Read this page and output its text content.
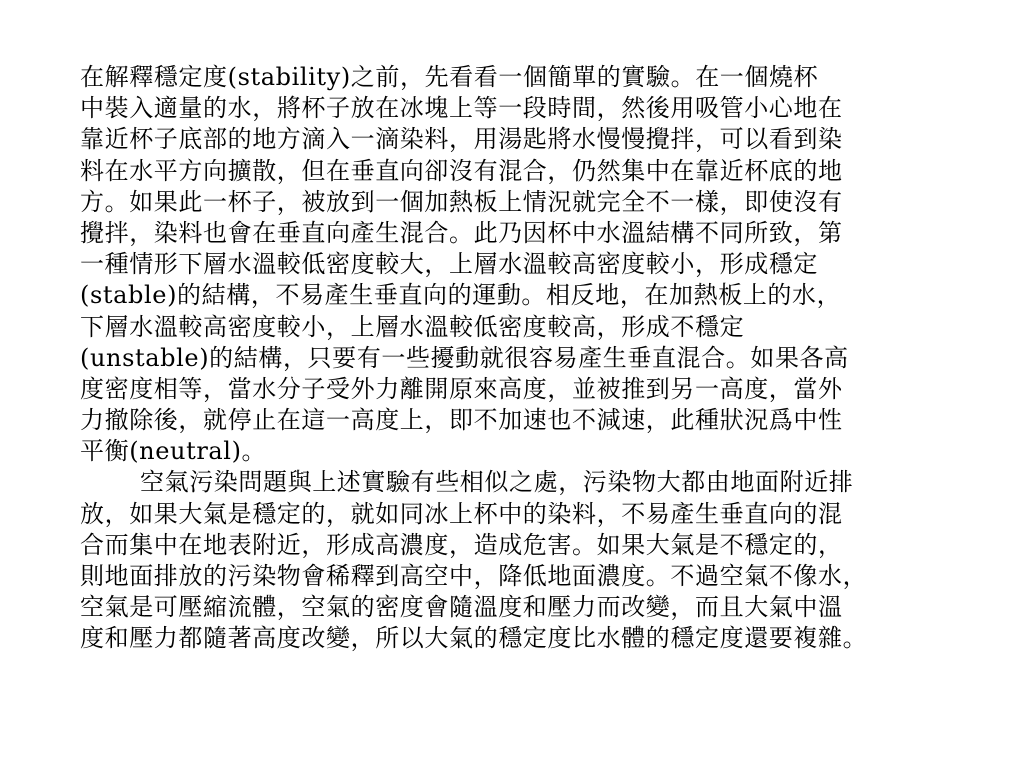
在解釋穩定度(stability)之前，先看看一個簡單的實驗。在一個燒杯
中裝入適量的水，將杯子放在冰塊上等一段時間，然後用吸管小心地在
靠近杯子底部的地方滴入一滴染料，用湯匙將水慢慢攪拌，可以看到染
料在水平方向擴散，但在垂直向卻沒有混合，仍然集中在靠近杯底的地
方。如果此一杯子，被放到一個加熱板上情況就完全不一樣，即使沒有
攪拌，染料也會在垂直向產生混合。此乃因杯中水溫結構不同所致，第
一種情形下層水溫較低密度較大，上層水溫較高密度較小，形成穩定
(stable)的結構，不易產生垂直向的運動。相反地，在加熱板上的水，
下層水溫較高密度較小，上層水溫較低密度較高，形成不穩定
(unstable)的結構，只要有一些擾動就很容易產生垂直混合。如果各高
度密度相等，當水分子受外力離開原來高度，並被推到另一高度，當外
力撤除後，就停止在這一高度上，即不加速也不減速，此種狀況爲中性
平衡(neutral)。
空氣污染問題與上述實驗有些相似之處，污染物大都由地面附近排
放，如果大氣是穩定的，就如同冰上杯中的染料，不易產生垂直向的混
合而集中在地表附近，形成高濃度，造成危害。如果大氣是不穩定的，
則地面排放的污染物會稀釋到高空中，降低地面濃度。不過空氣不像水，
空氣是可壓縮流體，空氣的密度會隨溫度和壓力而改變，而且大氣中溫
度和壓力都隨著高度改變，所以大氣的穩定度比水體的穩定度還要複雜。
